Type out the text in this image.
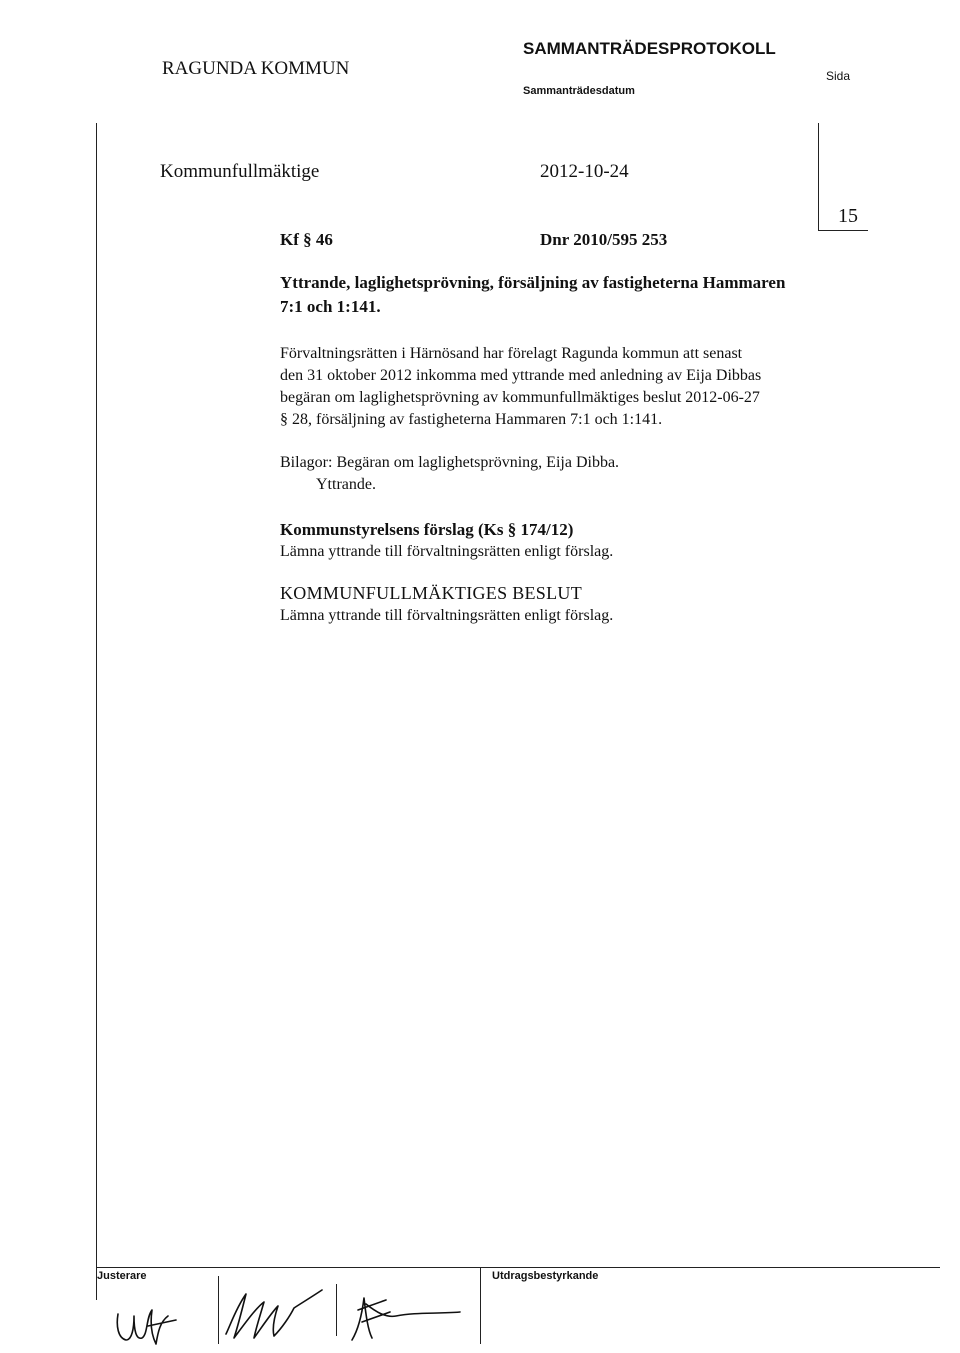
RAGUNDA KOMMUN
SAMMANTRÄDESPROTOKOLL
Sammanträdesdatum
Sida
Kommunfullmäktige	2012-10-24
15
Kf § 46	Dnr 2010/595 253
Yttrande, laglighetsprövning, försäljning av fastigheterna Hammaren
7:1 och 1:141.
Förvaltningsrätten i Härnösand har förelagt Ragunda kommun att senast
den 31 oktober 2012 inkomma med yttrande med anledning av Eija Dibbas
begäran om laglighetsprövning av kommunfullmäktiges beslut 2012-06-27
§ 28, försäljning av fastigheterna Hammaren 7:1 och 1:141.
Bilagor: Begäran om laglighetsprövning, Eija Dibba.
Yttrande.
Kommunstyrelsens förslag (Ks § 174/12)
Lämna yttrande till förvaltningsrätten enligt förslag.
KOMMUNFULLMÄKTIGES BESLUT
Lämna yttrande till förvaltningsrätten enligt förslag.
Justerare	Utdragsbestyrkande
